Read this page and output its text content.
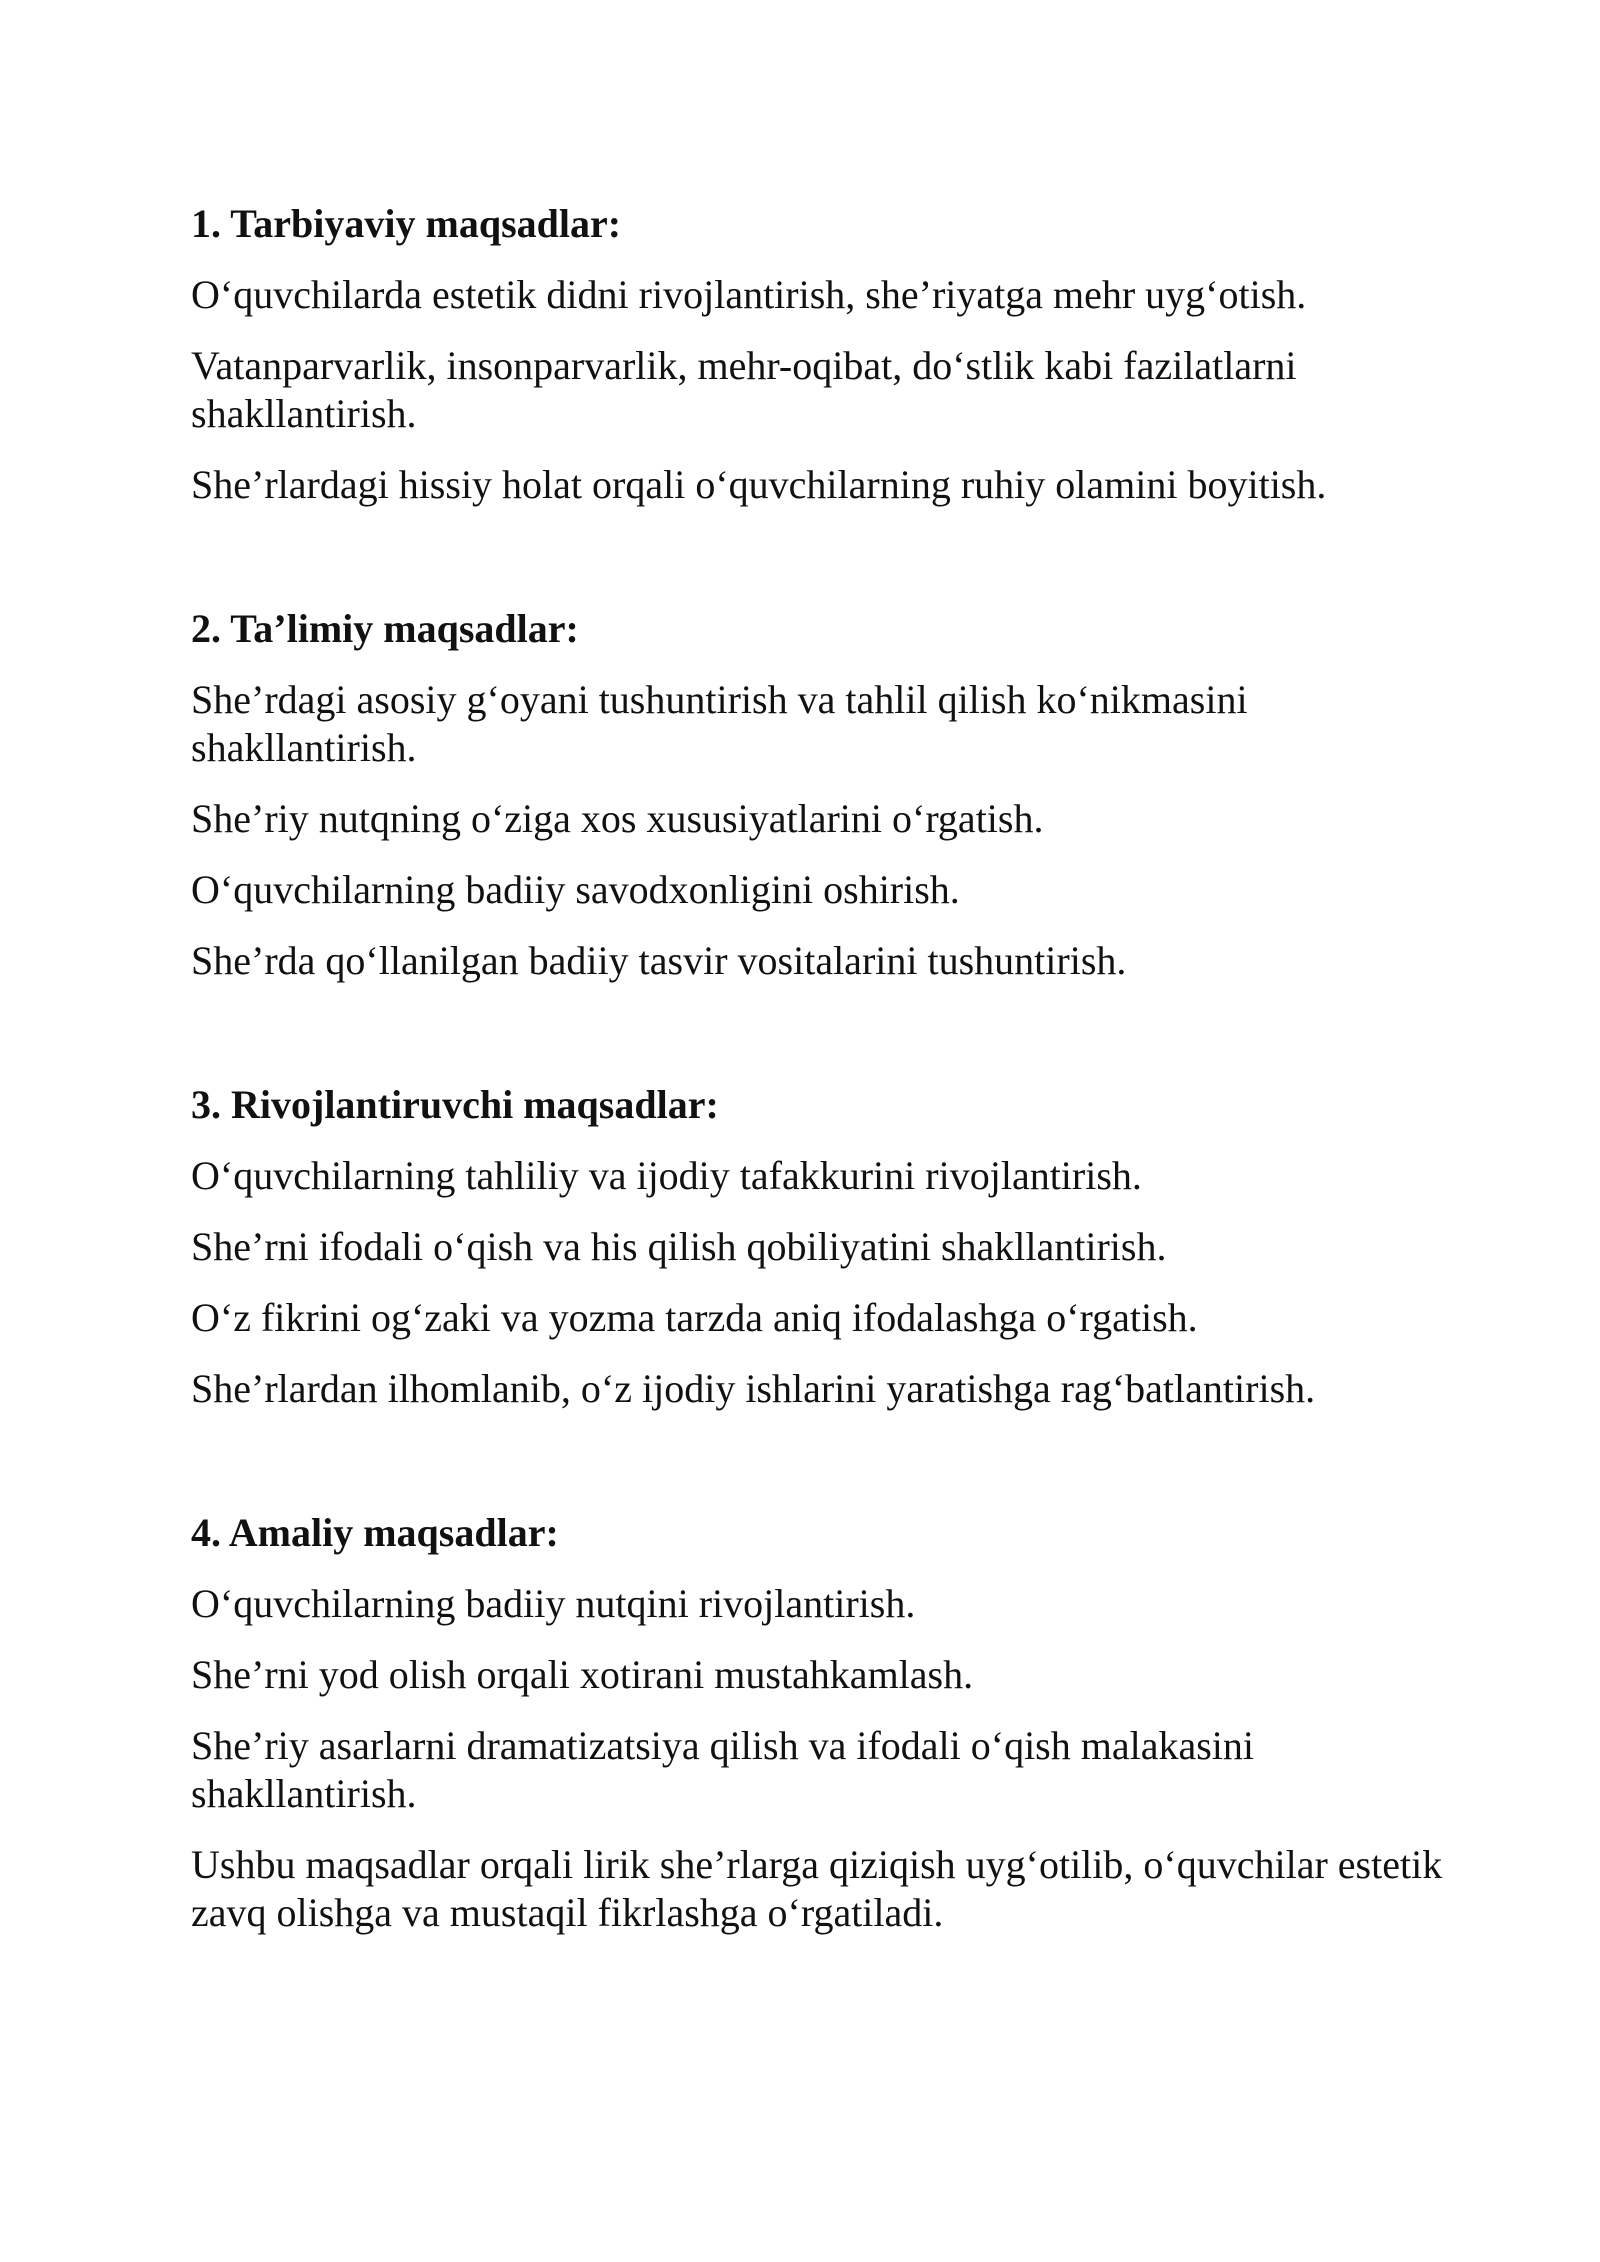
1. Tarbiyaviy maqsadlar:
O‘quvchilarda estetik didni rivojlantirish, she’riyatga mehr uyg‘otish.
Vatanparvarlik, insonparvarlik, mehr-oqibat, do‘stlik kabi fazilatlarni shakllantirish.
She’rlardagi hissiy holat orqali o‘quvchilarning ruhiy olamini boyitish.
2. Ta’limiy maqsadlar:
She’rdagi asosiy g‘oyani tushuntirish va tahlil qilish ko‘nikmasini shakllantirish.
She’riy nutqning o‘ziga xos xususiyatlarini o‘rgatish.
O‘quvchilarning badiiy savodxonligini oshirish.
She’rda qo‘llanilgan badiiy tasvir vositalarini tushuntirish.
3. Rivojlantiruvchi maqsadlar:
O‘quvchilarning tahliliy va ijodiy tafakkurini rivojlantirish.
She’rni ifodali o‘qish va his qilish qobiliyatini shakllantirish.
O‘z fikrini og‘zaki va yozma tarzda aniq ifodalashga o‘rgatish.
She’rlardan ilhomlanib, o‘z ijodiy ishlarini yaratishga rag‘batlantirish.
4. Amaliy maqsadlar:
O‘quvchilarning badiiy nutqini rivojlantirish.
She’rni yod olish orqali xotirani mustahkamlash.
She’riy asarlarni dramatizatsiya qilish va ifodali o‘qish malakasini shakllantirish.
Ushbu maqsadlar orqali lirik she’rlarga qiziqish uyg‘otilib, o‘quvchilar estetik zavq olishga va mustaqil fikrlashga o‘rgatiladi.
